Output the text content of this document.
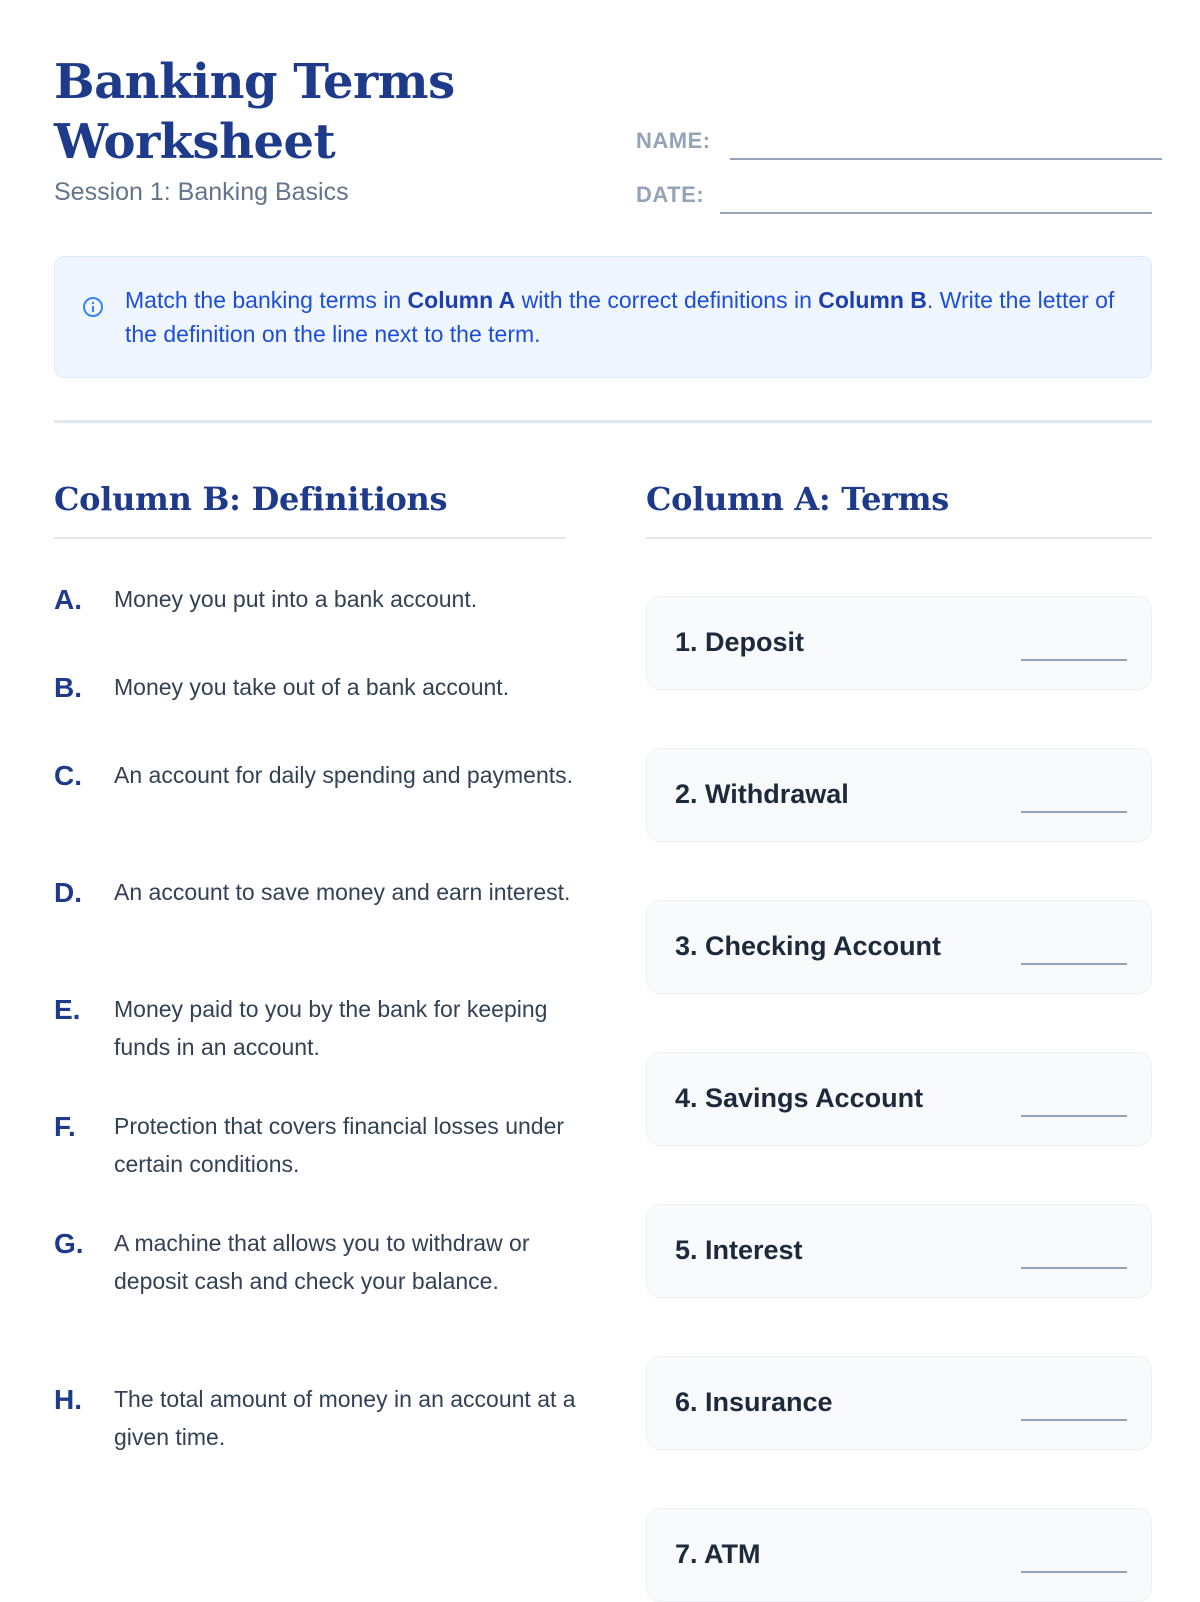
Banking Terms
Worksheet
Session 1: Banking Basics
NAME:
DATE:
Match the banking terms in Column A with the correct definitions in Column B. Write the letter of the definition on the line next to the term.
Column B: Definitions	Column A: Terms
A. Money you put into a bank account.
B. Money you take out of a bank account.
C. An account for daily spending and payments.
D. An account to save money and earn interest.
E. Money paid to you by the bank for keeping funds in an account.
F. Protection that covers financial losses under certain conditions.
G. A machine that allows you to withdraw or deposit cash and check your balance.
H. The total amount of money in an account at a given time.
1. Deposit
2. Withdrawal
3. Checking Account
4. Savings Account
5. Interest
6. Insurance
7. ATM
